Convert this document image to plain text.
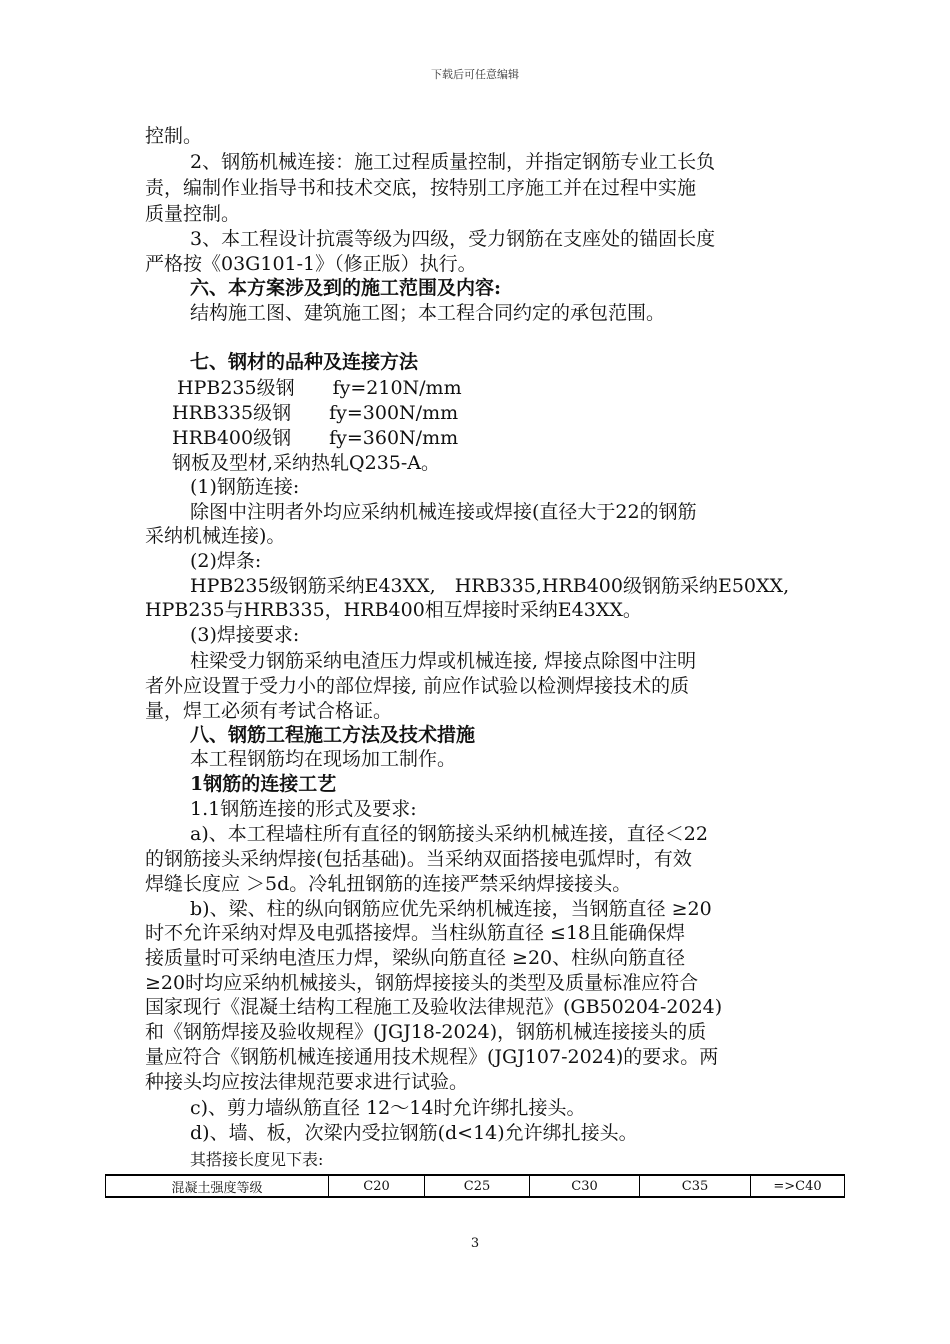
下载后可任意编辑
控制。
2、钢筋机械连接：施工过程质量控制，并指定钢筋专业工长负
责，编制作业指导书和技术交底，按特别工序施工并在过程中实施
质量控制。
3、本工程设计抗震等级为四级，受力钢筋在支座处的锚固长度
严格按《03G101-1》（修正版）执行。
六、本方案涉及到的施工范围及内容:
结构施工图、建筑施工图；本工程合同约定的承包范围。
七、钢材的品种及连接方法
HPB235级钢　　fy=210N/mm
HRB335级钢　　fy=300N/mm
HRB400级钢　　fy=360N/mm
钢板及型材,采纳热轧Q235-A。
(1)钢筋连接:
除图中注明者外均应采纳机械连接或焊接(直径大于22的钢筋
采纳机械连接)。
(2)焊条:
HPB235级钢筋采纳E43XX,　HRB335,HRB400级钢筋采纳E50XX,
HPB235与HRB335，HRB400相互焊接时采纳E43XX。
(3)焊接要求:
柱梁受力钢筋采纳电渣压力焊或机械连接, 焊接点除图中注明
者外应设置于受力小的部位焊接, 前应作试验以检测焊接技术的质
量，焊工必须有考试合格证。
八、钢筋工程施工方法及技术措施
本工程钢筋均在现场加工制作。
1钢筋的连接工艺
1.1钢筋连接的形式及要求:
a)、本工程墙柱所有直径的钢筋接头采纳机械连接，直径＜22
的钢筋接头采纳焊接(包括基础)。当采纳双面搭接电弧焊时，有效
焊缝长度应 ＞5d。冷轧扭钢筋的连接严禁采纳焊接接头。
b)、梁、柱的纵向钢筋应优先采纳机械连接，当钢筋直径 ≥20
时不允许采纳对焊及电弧搭接焊。当柱纵筋直径 ≤18且能确保焊
接质量时可采纳电渣压力焊，梁纵向筋直径 ≥20、柱纵向筋直径
≥20时均应采纳机械接头，钢筋焊接接头的类型及质量标准应符合
国家现行《混凝土结构工程施工及验收法律规范》(GB50204-2024)
和《钢筋焊接及验收规程》(JGJ18-2024)，钢筋机械连接接头的质
量应符合《钢筋机械连接通用技术规程》(JGJ107-2024)的要求。两
种接头均应按法律规范要求进行试验。
c)、剪力墙纵筋直径 12～14时允许绑扎接头。
d)、墙、板，次梁内受拉钢筋(d<14)允许绑扎接头。
其搭接长度见下表:
混凝土强度等级	C20	C25	C30	C35	=>C40
3
